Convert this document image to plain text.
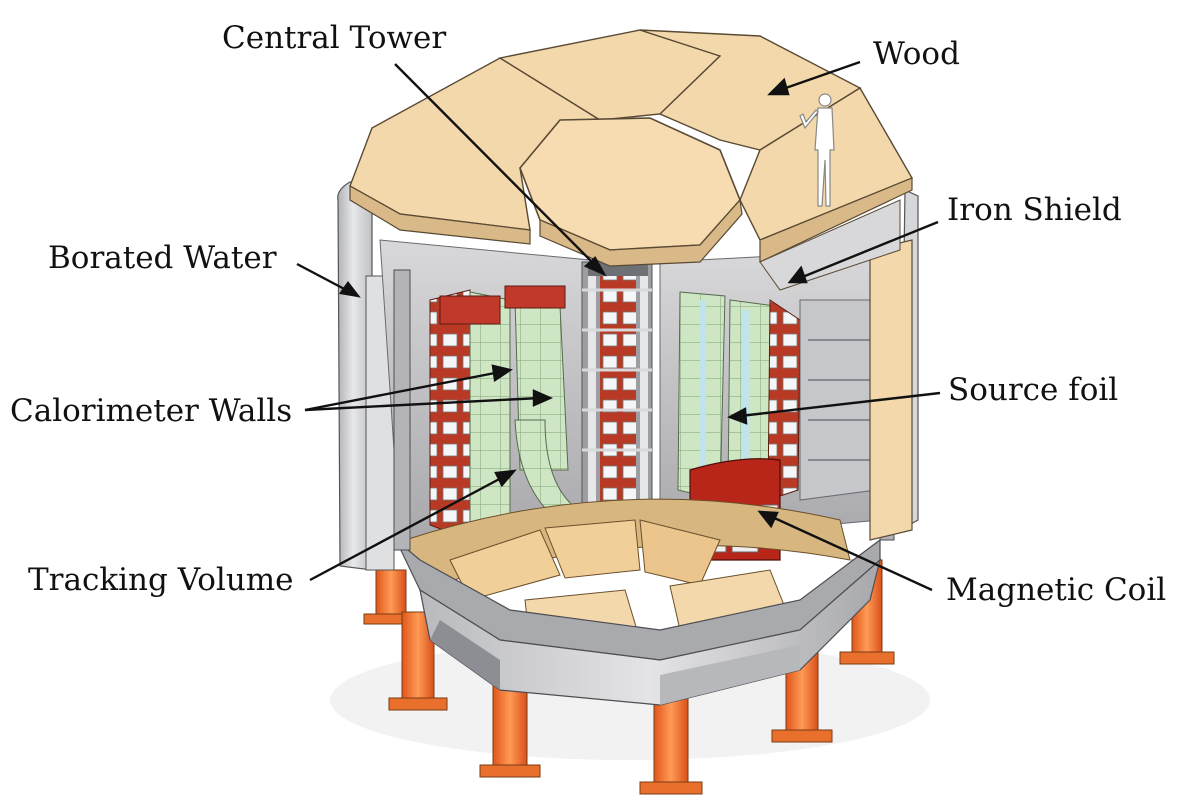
Central Tower	Wood
Iron Shield
Borated Water
Calorimeter Walls
Source foil
Tracking Volume	Magnetic Coil
